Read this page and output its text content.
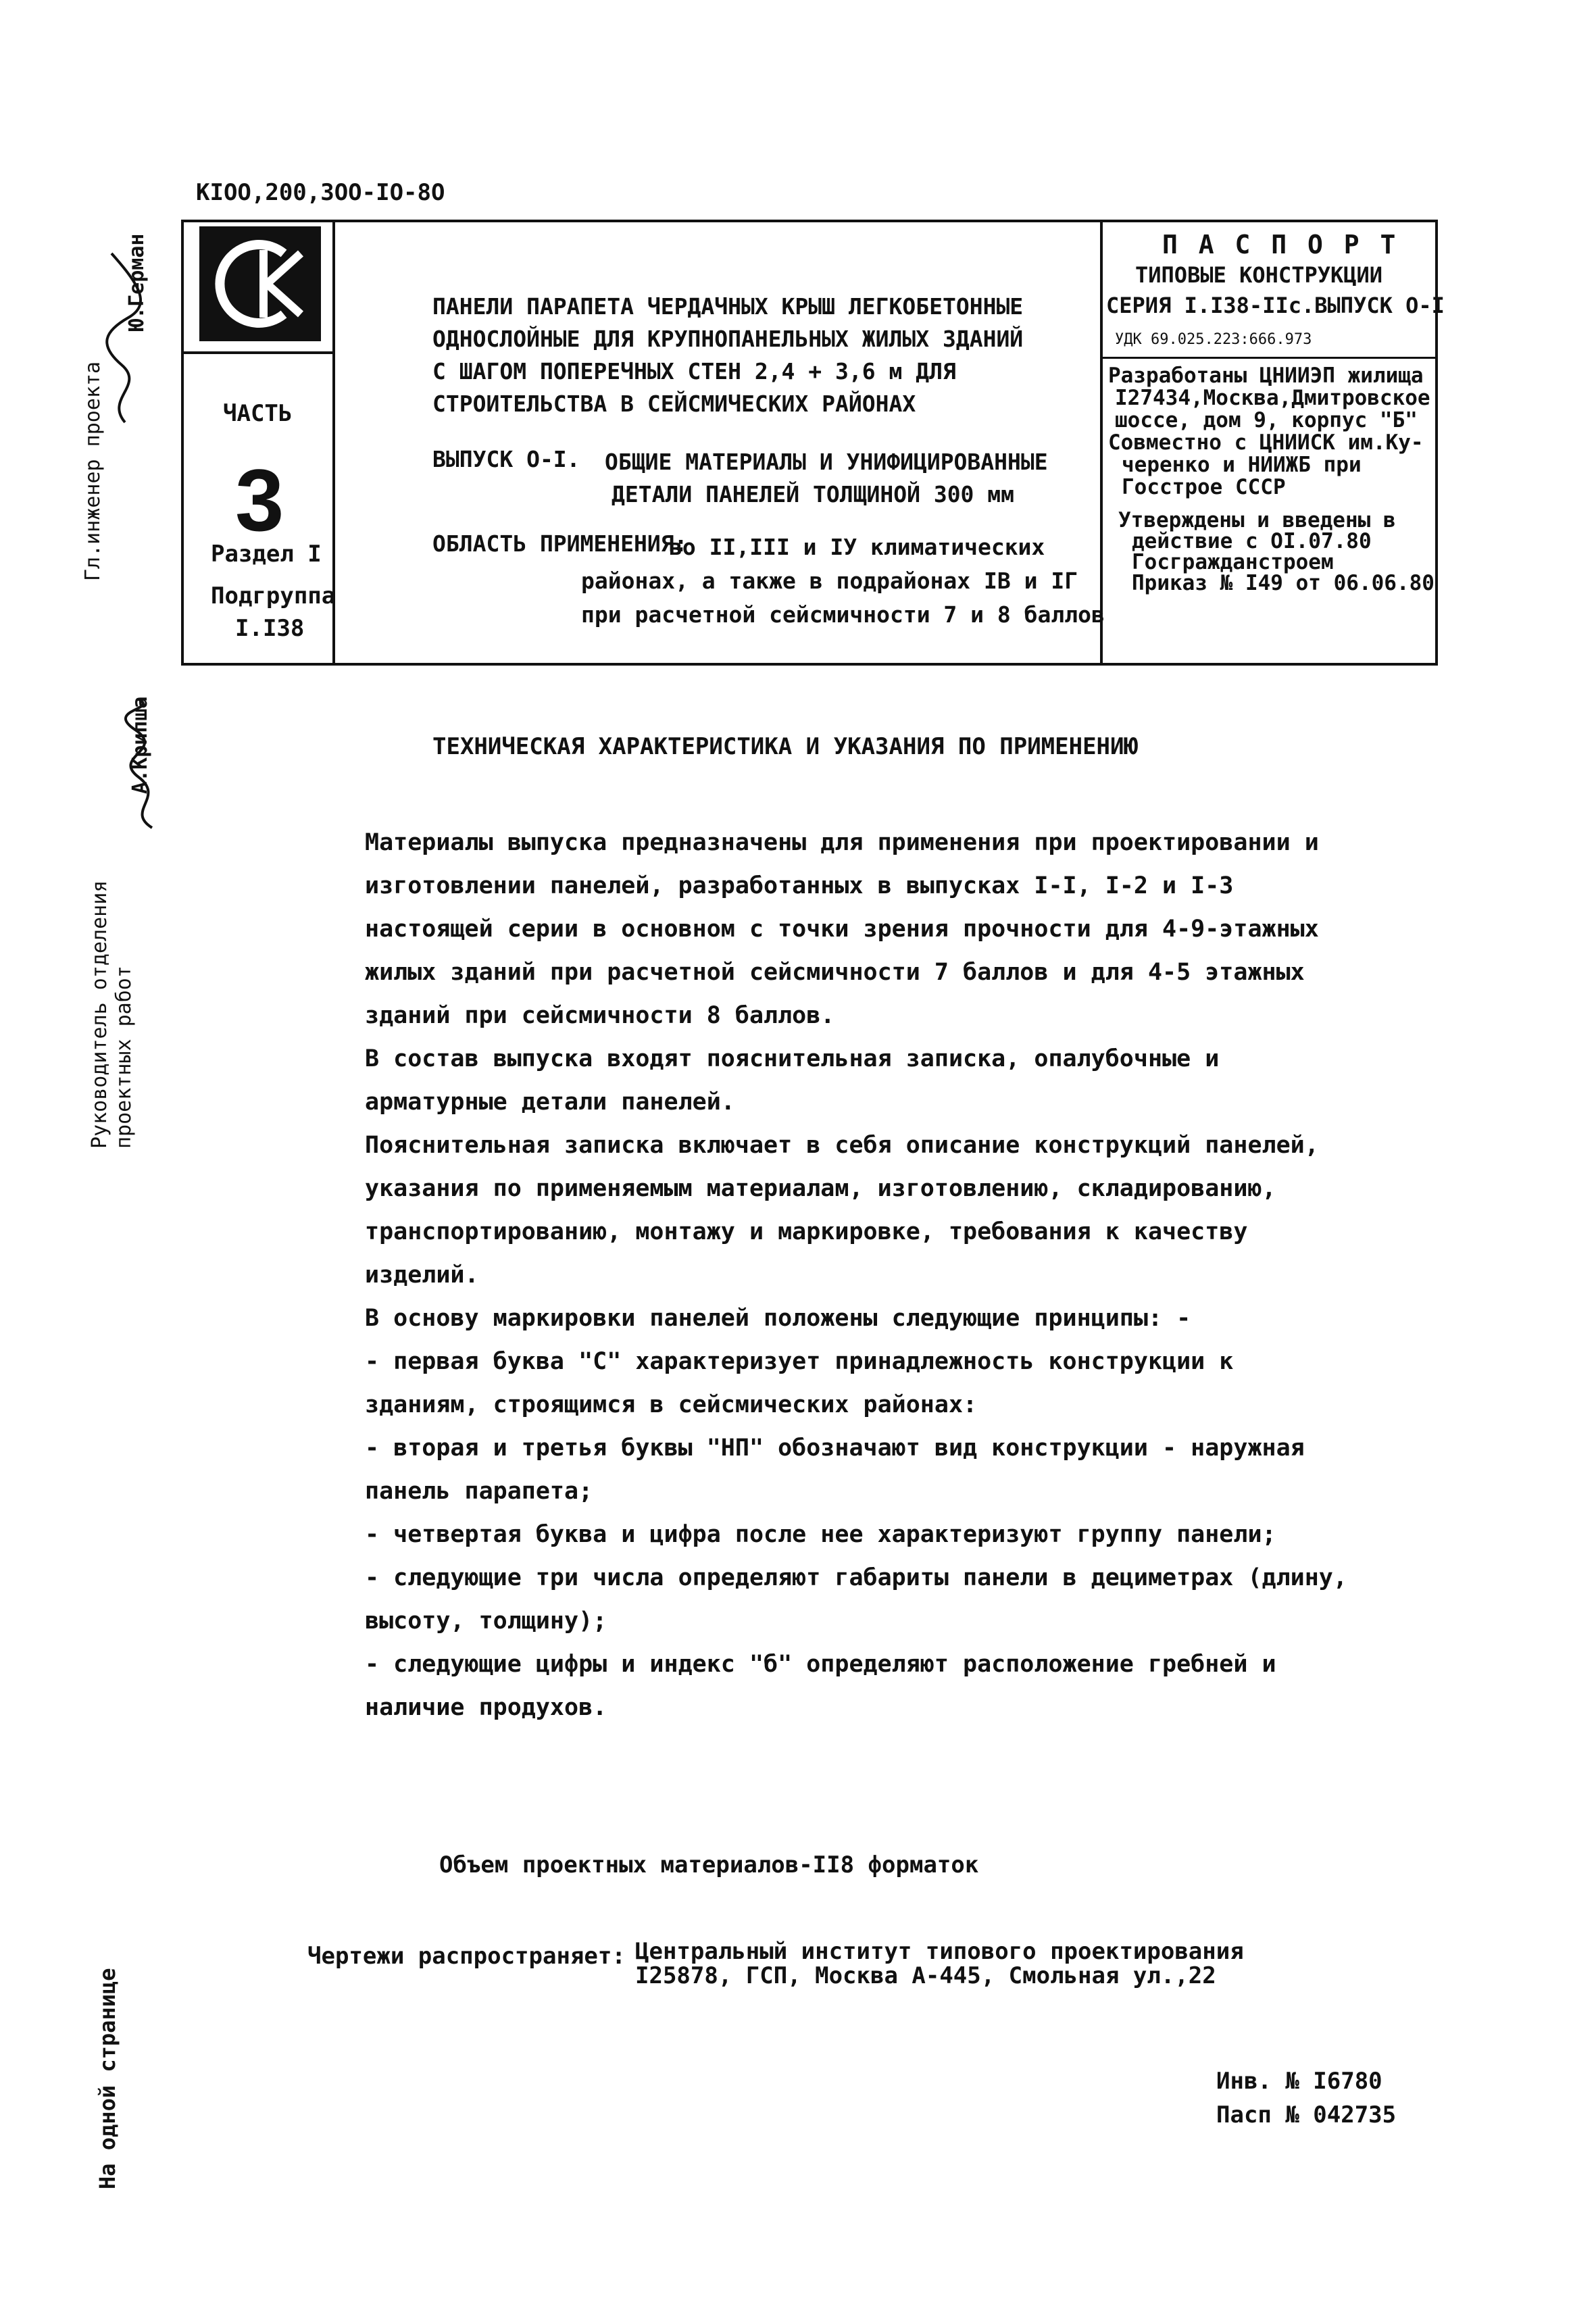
КIOO,200,3OO-IO-8O
Гл.инженер проекта
Ю.Герман
Руководитель отделения проектных работ
А.Крипша
На одной странице
ЧАСТЬ
3
Раздел I
Подгруппа
I.I38
ПАНЕЛИ ПАРАПЕТА ЧЕРДАЧНЫХ КРЫШ ЛЕГКОБЕТОННЫЕ
ОДНОСЛОЙНЫЕ ДЛЯ КРУПНОПАНЕЛЬНЫХ ЖИЛЫХ ЗДАНИЙ
С ШАГОМ ПОПЕРЕЧНЫХ СТЕН 2,4 + 3,6 м ДЛЯ
СТРОИТЕЛЬСТВА В СЕЙСМИЧЕСКИХ РАЙОНАХ
ВЫПУСК О-I. ОБЩИЕ МАТЕРИАЛЫ И УНИФИЦИРОВАННЫЕ
ДЕТАЛИ ПАНЕЛЕЙ ТОЛЩИНОЙ 300 мм
ОБЛАСТЬ ПРИМЕНЕНИЯ:
во II,III и IУ климатических
районах, а также в подрайонах IВ и IГ
при расчетной сейсмичности 7 и 8 баллов
П А С П О Р Т
ТИПОВЫЕ КОНСТРУКЦИИ
СЕРИЯ I.I38-IIс.ВЫПУСК О-I
УДК 69.025.223:666.973
Разработаны ЦНИИЭП жилища
I27434,Москва,Дмитровское
шоссе, дом 9, корпус "Б"
Совместно с ЦНИИСК им.Ку-
черенко и НИИЖБ при
Госстрое СССР
Утверждены и введены в
действие с OI.07.80
Госгражданстроем
Приказ № I49 от 06.06.80
ТЕХНИЧЕСКАЯ ХАРАКТЕРИСТИКА И УКАЗАНИЯ ПО ПРИМЕНЕНИЮ

Материалы выпуска предназначены для применения при проектировании и изготовлении панелей, разработанных в выпусках I-I, I-2 и I-3 настоящей серии в основном с точки зрения прочности для 4-9-этажных жилых зданий при расчетной сейсмичности 7 баллов и для 4-5 этажных зданий при сейсмичности 8 баллов.

В состав выпуска входят пояснительная записка, опалубочные и арматурные детали панелей.

Пояснительная записка включает в себя описание конструкций панелей, указания по применяемым материалам, изготовлению, складированию, транспортированию, монтажу и маркировке, требования к качеству изделий.

В основу маркировки панелей положены следующие принципы: -

- первая буква "С" характеризует принадлежность конструкции к зданиям, строящимся в сейсмических районах:

- вторая и третья буквы "НП" обозначают вид конструкции - наружная панель парапета;

- четвертая буква и цифра после нее характеризуют группу панели;

- следующие три числа определяют габариты панели в дециметрах (длину, высоту, толщину);

- следующие цифры и индекс "б" определяют расположение гребней и наличие продухов.

Объем проектных материалов-II8 форматок
Чертежи распространяет: Центральный институт типового проектирования
I25878, ГСП, Москва А-445, Смольная ул.,22
Инв. № I6780
Пасп № 042735
